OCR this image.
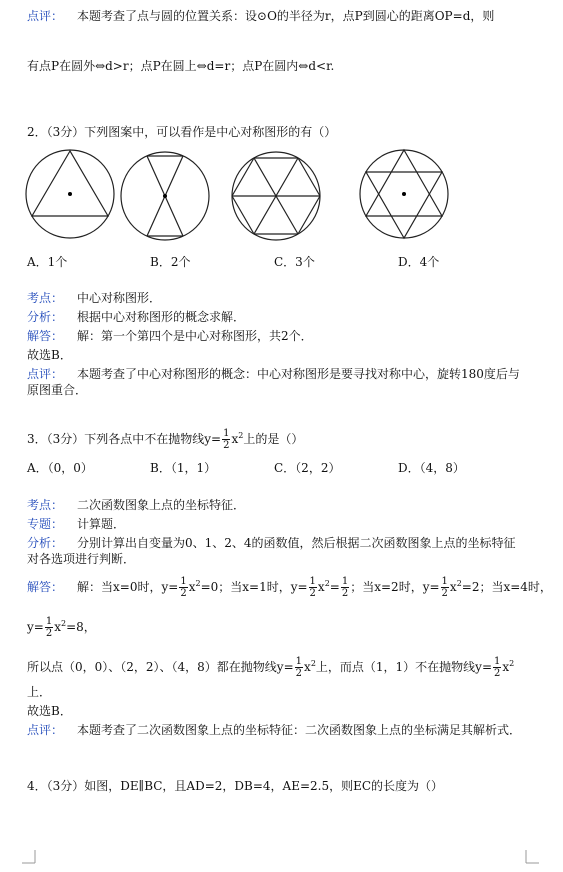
点评： 本题考查了点与圆的位置关系：设⊙O的半径为r，点P到圆心的距离OP=d，则
有点P在圆外⇔d>r；点P在圆上⇔d=r；点P在圆内⇔d<r.
2．（3分）下列图案中，可以看作是中心对称图形的有（）
A．1个	B．2个	C．3个	D．4个
考点： 中心对称图形．
分析： 根据中心对称图形的概念求解．
解答： 解：第一个第四个是中心对称图形，共2个．
故选B．
点评： 本题考查了中心对称图形的概念：中心对称图形是要寻找对称中心，旋转180度后与原图重合．
3．（3分）下列各点中不在抛物线$y= \frac{1}{2} x^2$上的是（）
A．（0，0）	B．（1，1）	C．（2，2）	D．（4，8）
考点： 二次函数图象上点的坐标特征．
专题： 计算题．
分析： 分别计算出自变量为0、1、2、4的函数值，然后根据二次函数图象上点的坐标特征对各选项进行判断．
解答： 解：当x=0时，$y= \frac{1}{2} x^2=0$；当x=1时，$y= \frac{1}{2} x^2= \frac{1}{2}$ ；当x=2时，$y= \frac{1}{2} x^2=2$；当x=4时，
$y= \frac{1}{2} x^2=8$，
所以点（0，0）、（2，2）、（4，8）都在抛物线$y= \frac{1}{2} x^2$上，而点（1，1）不在抛物线$y= \frac{1}{2} x^2$
上．
故选B．
点评： 本题考查了二次函数图象上点的坐标特征：二次函数图象上点的坐标满足其解析式．
4．（3分）如图，DE∥BC，且AD=2，DB=4，AE=2.5，则EC的长度为（）
